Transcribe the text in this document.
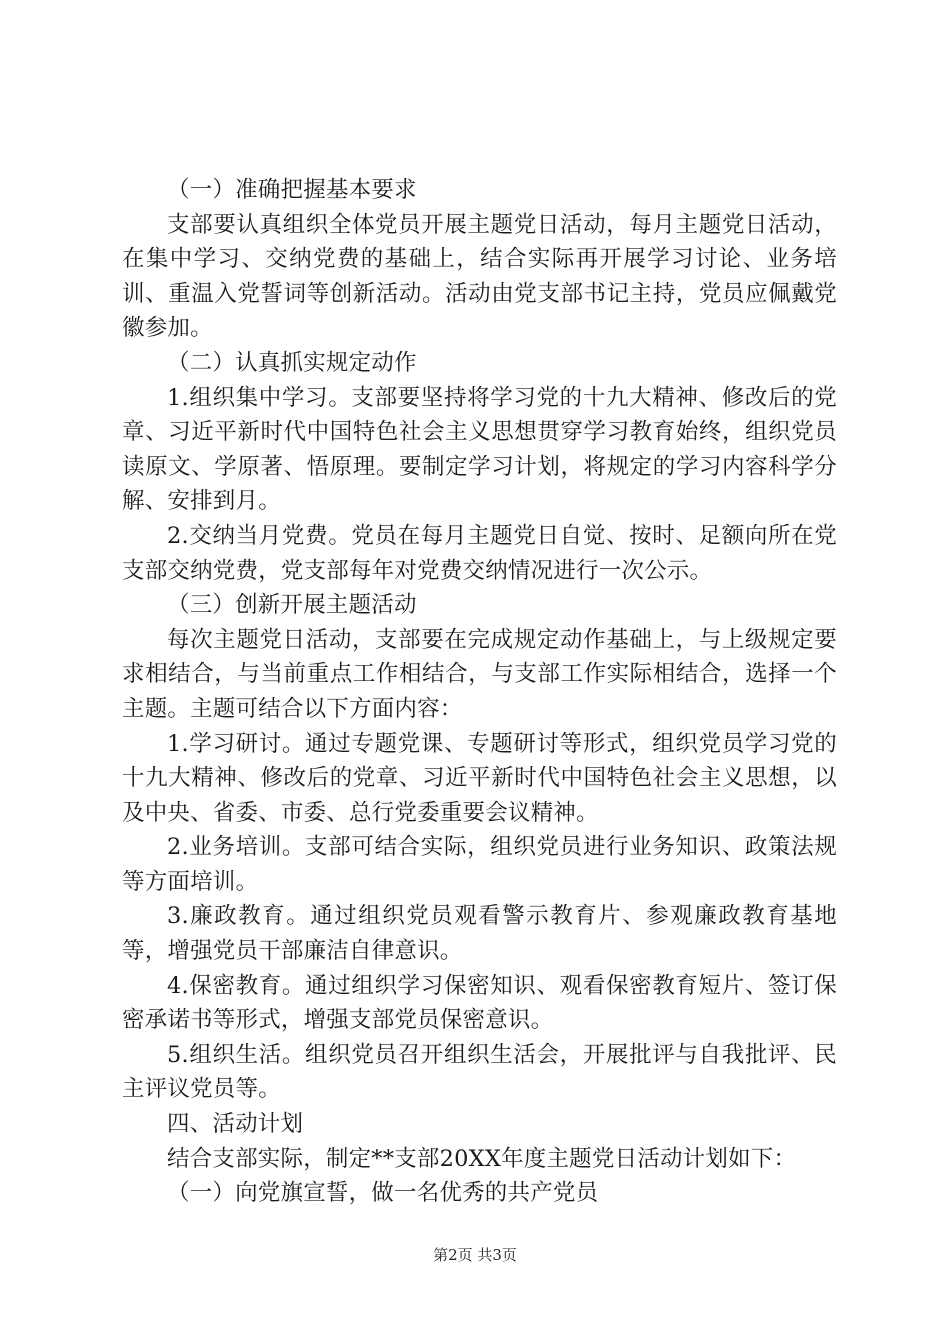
（一）准确把握基本要求

支部要认真组织全体党员开展主题党日活动，每月主题党日活动，在集中学习、交纳党费的基础上，结合实际再开展学习讨论、业务培训、重温入党誓词等创新活动。活动由党支部书记主持，党员应佩戴党徽参加。

（二）认真抓实规定动作

1.组织集中学习。支部要坚持将学习党的十九大精神、修改后的党章、习近平新时代中国特色社会主义思想贯穿学习教育始终，组织党员读原文、学原著、悟原理。要制定学习计划，将规定的学习内容科学分解、安排到月。

2.交纳当月党费。党员在每月主题党日自觉、按时、足额向所在党支部交纳党费，党支部每年对党费交纳情况进行一次公示。

（三）创新开展主题活动

每次主题党日活动，支部要在完成规定动作基础上，与上级规定要求相结合，与当前重点工作相结合，与支部工作实际相结合，选择一个主题。主题可结合以下方面内容：

1.学习研讨。通过专题党课、专题研讨等形式，组织党员学习党的十九大精神、修改后的党章、习近平新时代中国特色社会主义思想，以及中央、省委、市委、总行党委重要会议精神。

2.业务培训。支部可结合实际，组织党员进行业务知识、政策法规等方面培训。

3.廉政教育。通过组织党员观看警示教育片、参观廉政教育基地等，增强党员干部廉洁自律意识。

4.保密教育。通过组织学习保密知识、观看保密教育短片、签订保密承诺书等形式，增强支部党员保密意识。

5.组织生活。组织党员召开组织生活会，开展批评与自我批评、民主评议党员等。

四、活动计划

结合支部实际，制定**支部20XX年度主题党日活动计划如下：

（一）向党旗宣誓，做一名优秀的共产党员

第2页 共3页
